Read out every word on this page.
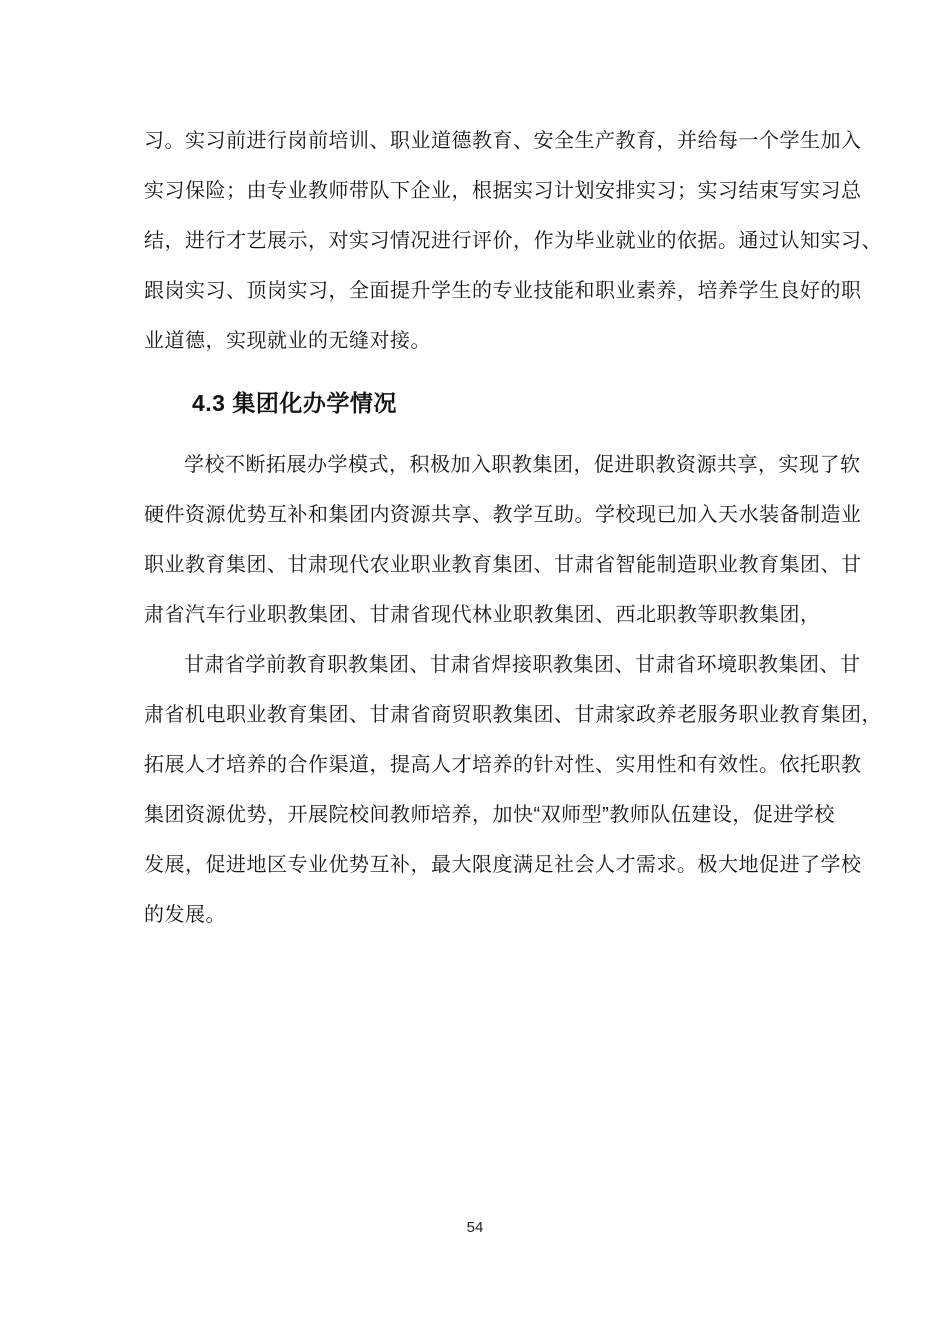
习。实习前进行岗前培训、职业道德教育、安全生产教育，并给每一个学生加入
实习保险；由专业教师带队下企业，根据实习计划安排实习；实习结束写实习总
结，进行才艺展示，对实习情况进行评价，作为毕业就业的依据。通过认知实习、
跟岗实习、顶岗实习，全面提升学生的专业技能和职业素养，培养学生良好的职
业道德，实现就业的无缝对接。
4.3 集团化办学情况
学校不断拓展办学模式，积极加入职教集团，促进职教资源共享，实现了软
硬件资源优势互补和集团内资源共享、教学互助。学校现已加入天水装备制造业
职业教育集团、甘肃现代农业职业教育集团、甘肃省智能制造职业教育集团、甘
肃省汽车行业职教集团、甘肃省现代林业职教集团、西北职教等职教集团，
甘肃省学前教育职教集团、甘肃省焊接职教集团、甘肃省环境职教集团、甘
肃省机电职业教育集团、甘肃省商贸职教集团、甘肃家政养老服务职业教育集团，
拓展人才培养的合作渠道，提高人才培养的针对性、实用性和有效性。依托职教
集团资源优势，开展院校间教师培养，加快“双师型”教师队伍建设，促进学校
发展，促进地区专业优势互补，最大限度满足社会人才需求。极大地促进了学校
的发展。
54
